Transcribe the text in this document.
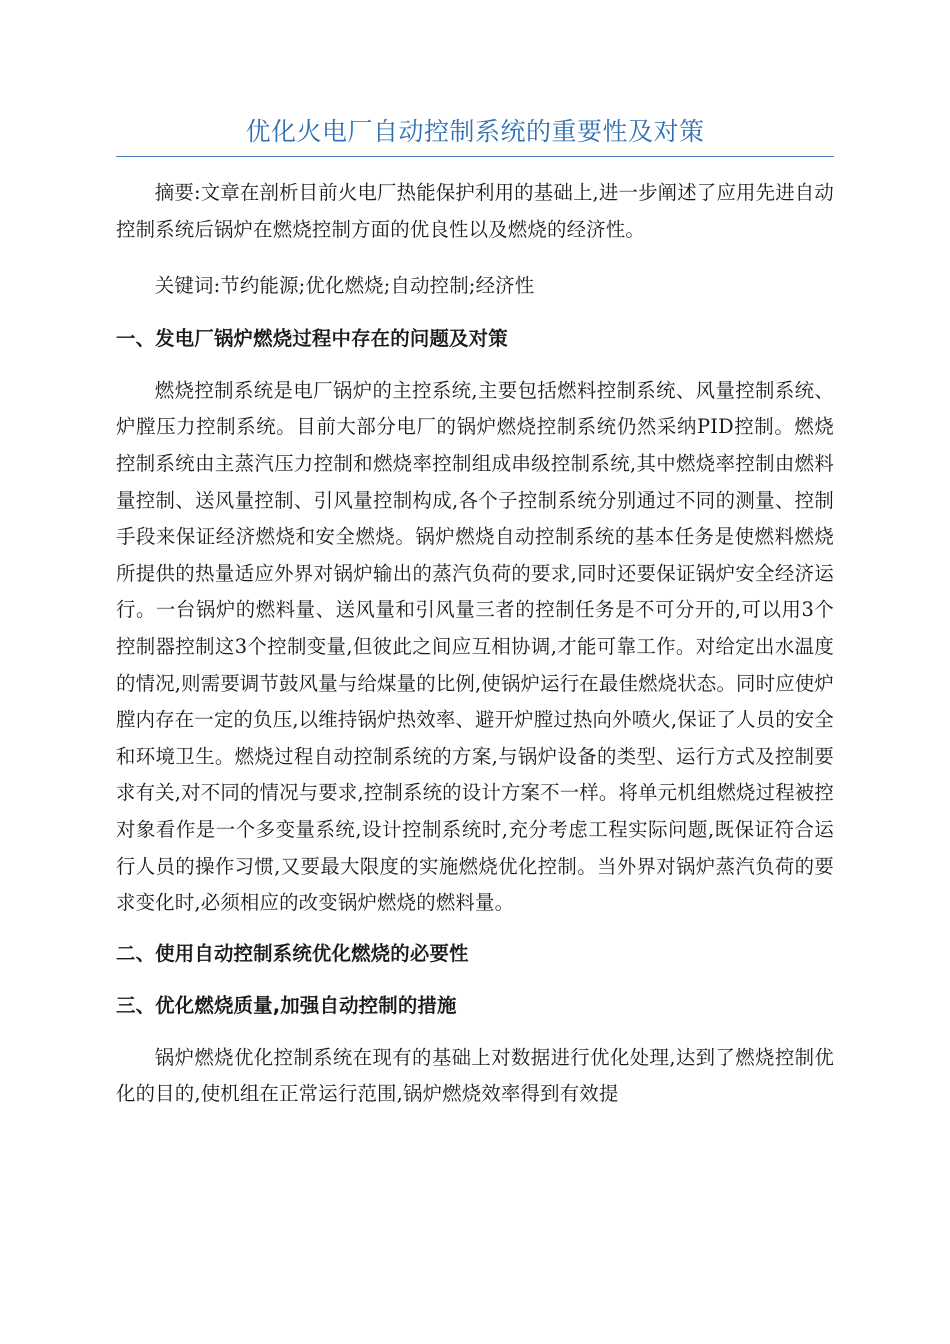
优化火电厂自动控制系统的重要性及对策

摘要:文章在剖析目前火电厂热能保护利用的基础上,进一步阐述了应用先进自动控制系统后锅炉在燃烧控制方面的优良性以及燃烧的经济性。

关键词:节约能源;优化燃烧;自动控制;经济性

一、发电厂锅炉燃烧过程中存在的问题及对策

燃烧控制系统是电厂锅炉的主控系统,主要包括燃料控制系统、风量控制系统、炉膛压力控制系统。目前大部分电厂的锅炉燃烧控制系统仍然采纳PID控制。燃烧控制系统由主蒸汽压力控制和燃烧率控制组成串级控制系统,其中燃烧率控制由燃料量控制、送风量控制、引风量控制构成,各个子控制系统分别通过不同的测量、控制手段来保证经济燃烧和安全燃烧。锅炉燃烧自动控制系统的基本任务是使燃料燃烧所提供的热量适应外界对锅炉输出的蒸汽负荷的要求,同时还要保证锅炉安全经济运行。一台锅炉的燃料量、送风量和引风量三者的控制任务是不可分开的,可以用3个控制器控制这3个控制变量,但彼此之间应互相协调,才能可靠工作。对给定出水温度的情况,则需要调节鼓风量与给煤量的比例,使锅炉运行在最佳燃烧状态。同时应使炉膛内存在一定的负压,以维持锅炉热效率、避开炉膛过热向外喷火,保证了人员的安全和环境卫生。燃烧过程自动控制系统的方案,与锅炉设备的类型、运行方式及控制要求有关,对不同的情况与要求,控制系统的设计方案不一样。将单元机组燃烧过程被控对象看作是一个多变量系统,设计控制系统时,充分考虑工程实际问题,既保证符合运行人员的操作习惯,又要最大限度的实施燃烧优化控制。当外界对锅炉蒸汽负荷的要求变化时,必须相应的改变锅炉燃烧的燃料量。

二、使用自动控制系统优化燃烧的必要性
三、优化燃烧质量,加强自动控制的措施

锅炉燃烧优化控制系统在现有的基础上对数据进行优化处理,达到了燃烧控制优化的目的,使机组在正常运行范围,锅炉燃烧效率得到有效提
